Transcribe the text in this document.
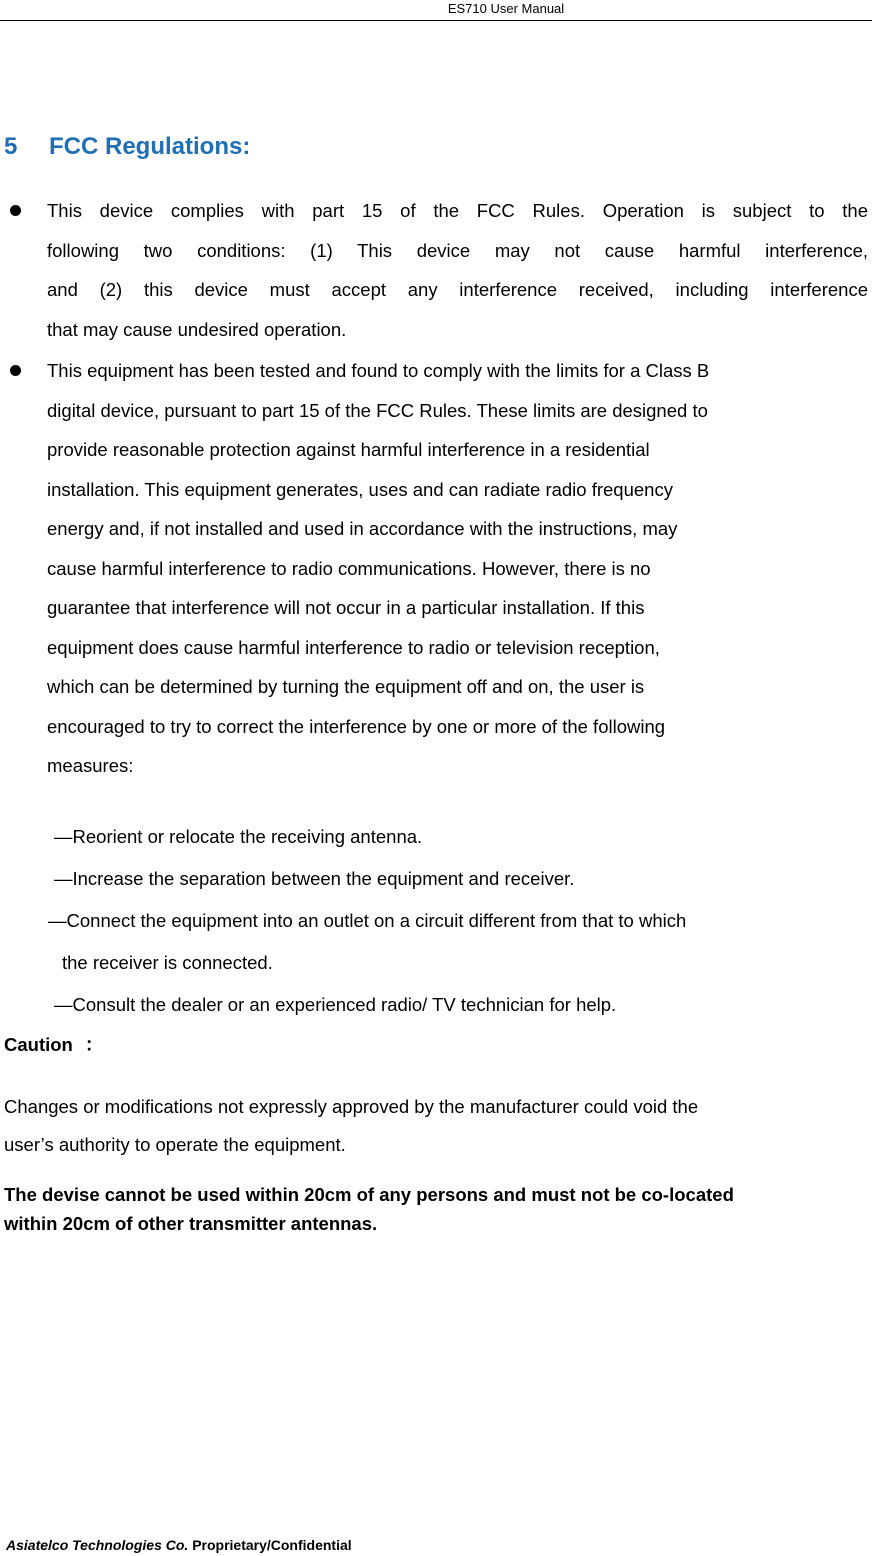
ES710 User Manual
5 FCC Regulations:
This device complies with part 15 of the FCC Rules. Operation is subject to the
following two conditions: (1) This device may not cause harmful interference,
and (2) this device must accept any interference received, including interference
that may cause undesired operation.
This equipment has been tested and found to comply with the limits for a Class B
digital device, pursuant to part 15 of the FCC Rules. These limits are designed to
provide reasonable protection against harmful interference in a residential
installation. This equipment generates, uses and can radiate radio frequency
energy and, if not installed and used in accordance with the instructions, may
cause harmful interference to radio communications. However, there is no
guarantee that interference will not occur in a particular installation. If this
equipment does cause harmful interference to radio or television reception,
which can be determined by turning the equipment off and on, the user is
encouraged to try to correct the interference by one or more of the following
measures:
—Reorient or relocate the receiving antenna.
—Increase the separation between the equipment and receiver.
—Connect the equipment into an outlet on a circuit different from that to which
the receiver is connected.
—Consult the dealer or an experienced radio/ TV technician for help.
Caution ：
Changes or modifications not expressly approved by the manufacturer could void the
user’s authority to operate the equipment.
The devise cannot be used within 20cm of any persons and must not be co-located
within 20cm of other transmitter antennas.
Asiatelco Technologies Co. Proprietary/Confidential
